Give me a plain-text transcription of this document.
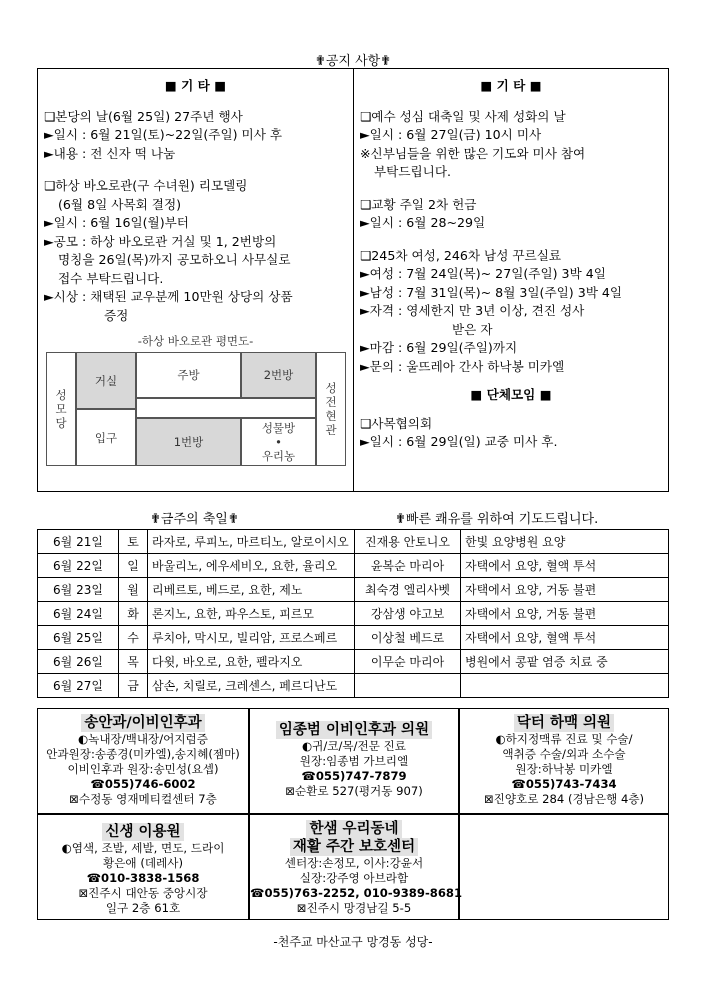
✟공지 사항✟

■ 기 타 ■

❑본당의 날(6월 25일) 27주년 행사

►일시 : 6월 21일(토)~22일(주일) 미사 후

►내용 : 전 신자 떡 나눔

❑하상 바오로관(구 수녀원) 리모델링

(6월 8일 사목회 결정)

►일시 : 6월 16일(월)부터

►공모 : 하상 바오로관 거실 및 1, 2번방의

명칭을 26일(목)까지 공모하오니 사무실로

접수 부탁드립니다.

►시상 : 채택된 교우분께 10만원 상당의 상품

증정

-하상 바오로관 평면도-
성
모
당
거실	주방	2번방
성
전
현
관
입구	1번방
성물방
•
우리농

■ 기 타 ■

❑예수 성심 대축일 및 사제 성화의 날

►일시 : 6월 27일(금) 10시 미사

※신부님들을 위한 많은 기도와 미사 참여

부탁드립니다.

❑교황 주일 2차 헌금

►일시 : 6월 28~29일

❑245차 여성, 246차 남성 꾸르실료

►여성 : 7월 24일(목)~ 27일(주일) 3박 4일

►남성 : 7월 31일(목)~ 8월 3일(주일) 3박 4일

►자격 : 영세한지 만 3년 이상, 견진 성사

받은 자

►마감 : 6월 29일(주일)까지

►문의 : 울뜨레아 간사 하낙봉 미카엘

■ 단체모임 ■

❑사목협의회

►일시 : 6월 29일(일) 교중 미사 후.

✟금주의 축일✟	✟빠른 쾌유를 위하여 기도드립니다.
6월 21일	토	라자로, 루피노, 마르티노, 알로이시오	진재용 안토니오	한빛 요양병원 요양
6월 22일	일	바울리노, 에우세비오, 요한, 율리오	윤복순 마리아	자택에서 요양, 혈액 투석
6월 23일	월	리베르토, 베드로, 요한, 제노	최숙경 엘리사벳	자택에서 요양, 거동 불편
6월 24일	화	론지노, 요한, 파우스토, 피르모	강삼생 야고보	자택에서 요양, 거동 불편
6월 25일	수	루치아, 막시모, 빌리암, 프로스페르	이상철 베드로	자택에서 요양, 혈액 투석
6월 26일	목	다윗, 바오로, 요한, 펠라지오	이무순 마리아	병원에서 콩팥 염증 치료 중
6월 27일	금	삼손, 치릴로, 크레센스, 페르디난도		
송안과/이비인후과

◐녹내장/백내장/어지럼증

안과원장:송종경(미카엘),송지혜(젬마)

이비인후과 원장:송민성(요셉)

☎055)746-6002

⊠수정동 영재메티컬센터 7층

임종범 이비인후과 의원

◐귀/코/목/전문 진료

원장:임종범 가브리엘

☎055)747-7879

⊠순환로 527(평거동 907)

닥터 하맥 의원

◐하지정맥류 진료 및 수술/

액취증 수술/외과 소수술

원장:하낙봉 미카엘

☎055)743-7434

⊠진양호로 284 (경남은행 4층)

신생 이용원

◐염색, 조발, 세발, 면도, 드라이

황은애 (데레사)

☎010-3838-1568

⊠진주시 대안동 중앙시장

일구 2층 61호

한샘 우리동네
재활 주간 보호센터

센터장:손정모, 이사:강윤서

실장:강주영 아브라함

☎055)763-2252, 010-9389-8681

⊠진주시 망경남길 5-5

-천주교 마산교구 망경동 성당-
